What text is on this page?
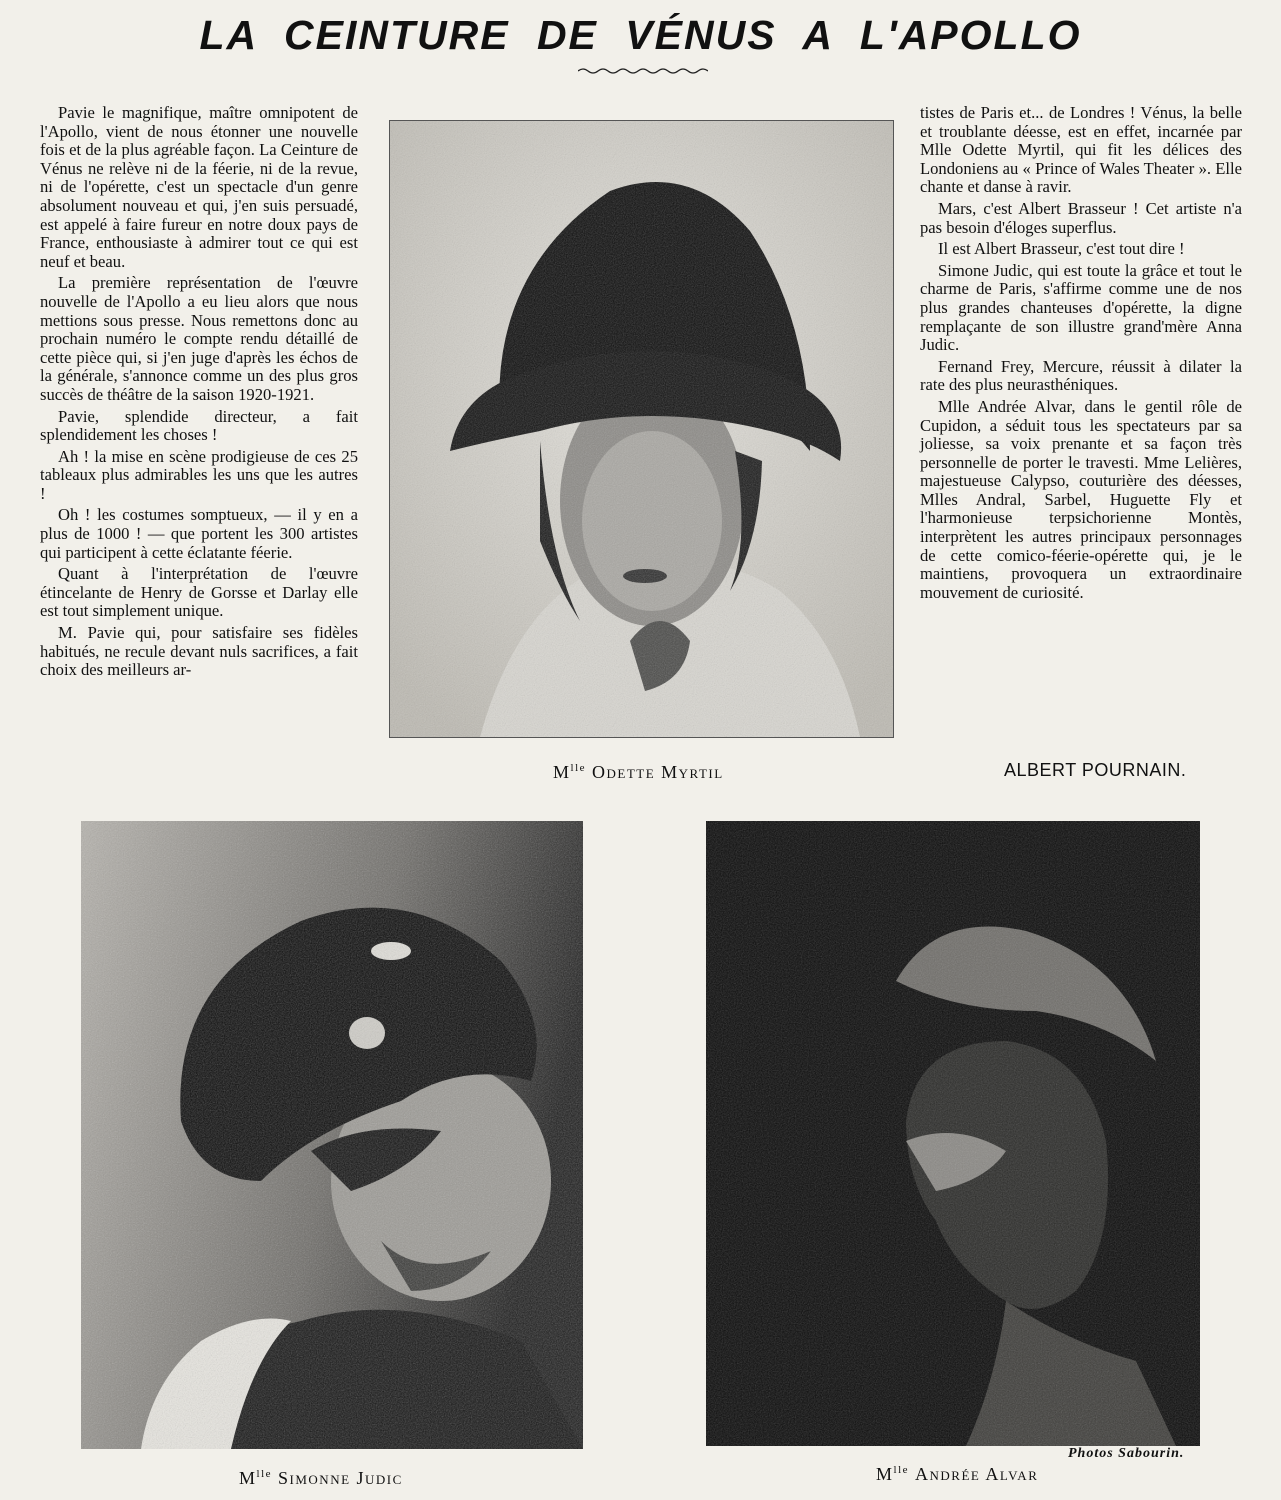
LA CEINTURE DE VÉNUS A L'APOLLO

Pavie le magnifique, maître omnipotent de l'Apollo, vient de nous étonner une nouvelle fois et de la plus agréable façon. La Ceinture de Vénus ne relève ni de la féerie, ni de la revue, ni de l'opérette, c'est un spectacle d'un genre absolument nouveau et qui, j'en suis persuadé, est appelé à faire fureur en notre doux pays de France, enthousiaste à admirer tout ce qui est neuf et beau.

La première représentation de l'œuvre nouvelle de l'Apollo a eu lieu alors que nous mettions sous presse. Nous remettons donc au prochain numéro le compte rendu détaillé de cette pièce qui, si j'en juge d'après les échos de la générale, s'annonce comme un des plus gros succès de théâtre de la saison 1920-1921.

Pavie, splendide directeur, a fait splendidement les choses !

Ah ! la mise en scène prodigieuse de ces 25 tableaux plus admirables les uns que les autres !

Oh ! les costumes somptueux, — il y en a plus de 1000 ! — que portent les 300 artistes qui participent à cette éclatante féerie.

Quant à l'interprétation de l'œuvre étincelante de Henry de Gorsse et Darlay elle est tout simplement unique.

M. Pavie qui, pour satisfaire ses fidèles habitués, ne recule devant nuls sacrifices, a fait choix des meilleurs ar-

tistes de Paris et... de Londres ! Vénus, la belle et troublante déesse, est en effet, incarnée par Mlle Odette Myrtil, qui fit les délices des Londoniens au « Prince of Wales Theater ». Elle chante et danse à ravir.

Mars, c'est Albert Brasseur ! Cet artiste n'a pas besoin d'éloges superflus.

Il est Albert Brasseur, c'est tout dire !

Simone Judic, qui est toute la grâce et tout le charme de Paris, s'affirme comme une de nos plus grandes chanteuses d'opérette, la digne remplaçante de son illustre grand'mère Anna Judic.

Fernand Frey, Mercure, réussit à dilater la rate des plus neurasthéniques.

Mlle Andrée Alvar, dans le gentil rôle de Cupidon, a séduit tous les spectateurs par sa joliesse, sa voix prenante et sa façon très personnelle de porter le travesti. Mme Lelières, majestueuse Calypso, couturière des déesses, Mlles Andral, Sarbel, Huguette Fly et l'harmonieuse terpsichorienne Montès, interprètent les autres principaux personnages de cette comico-féerie-opérette qui, je le maintiens, provoquera un extraordinaire mouvement de curiosité.

$M^{lle}$ Odette Myrtil	ALBERT POURNAIN.
$M^{lle}$ Simonne Judic
Photos Sabourin.
$M^{lle}$ Andrée Alvar
